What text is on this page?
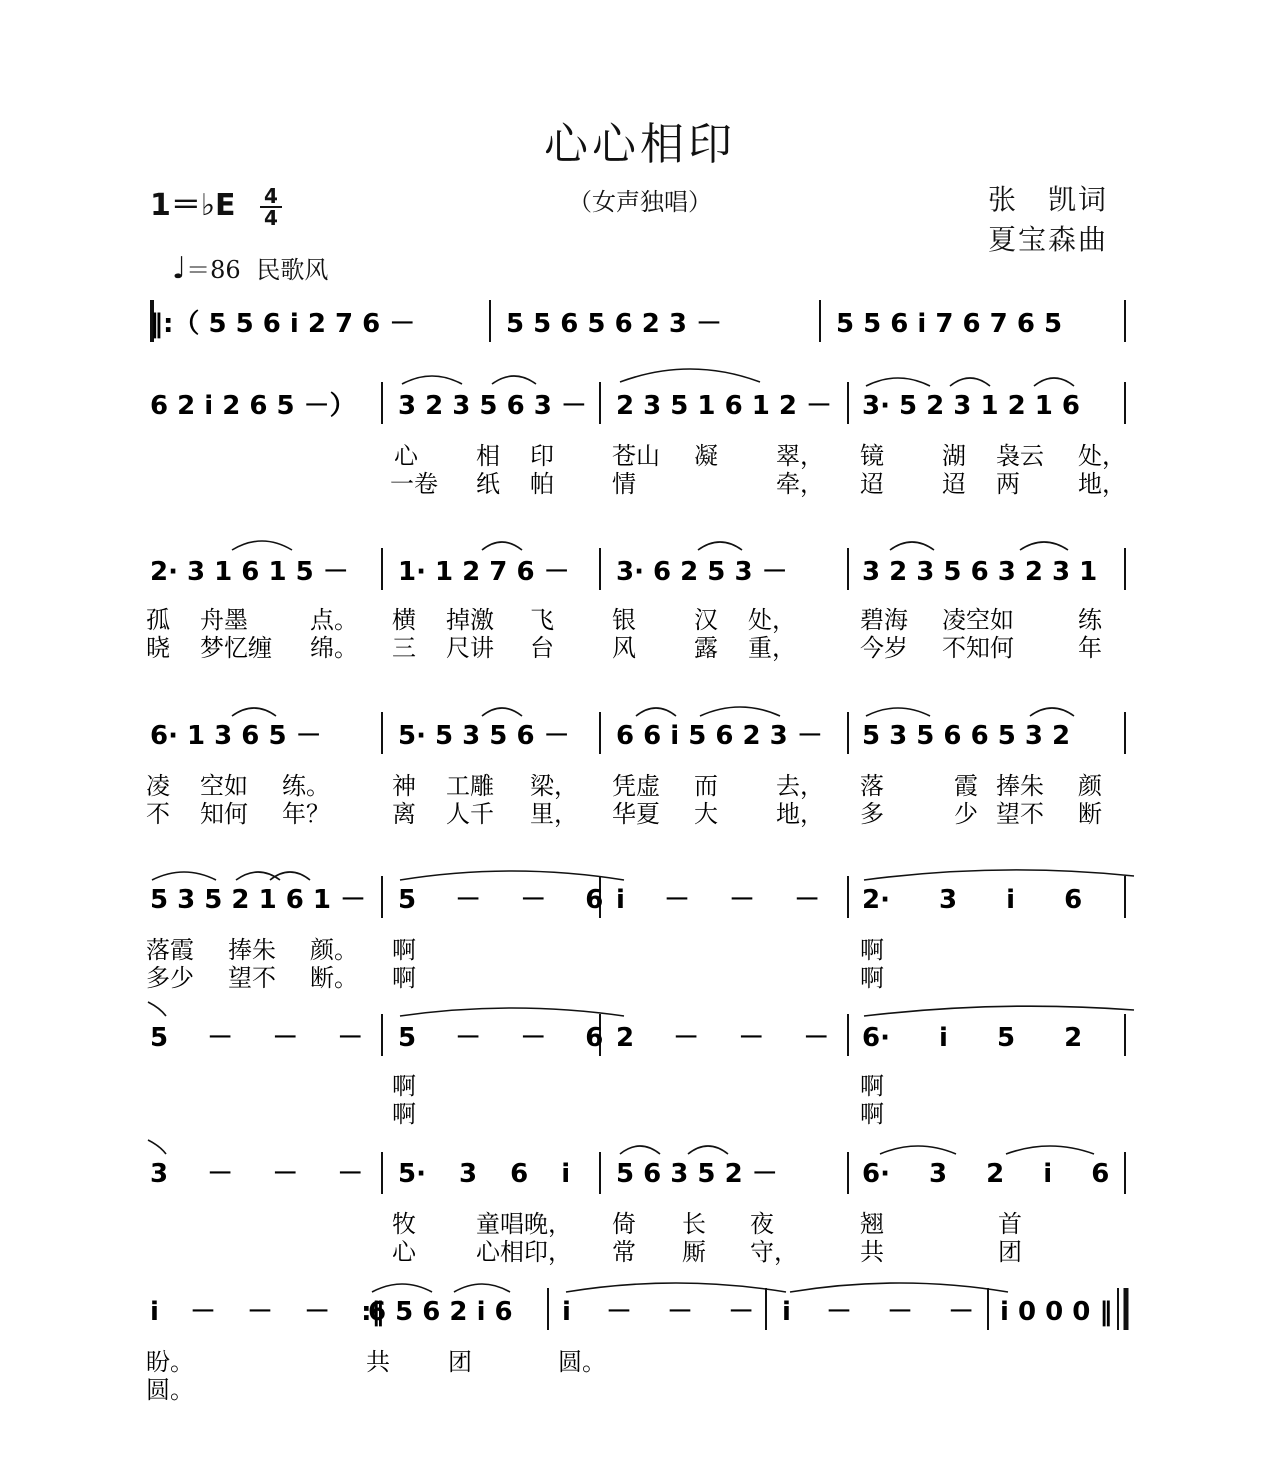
心心相印
1＝♭E $\frac{4}{4}$	（女声独唱）	张　凯词
夏宝森曲
♩＝86 民歌风
‖:（ 5 5 6 i 2 7 6 －	5 5 6 5 6 2 3 －	5 5 6 i 7 6 7 6 5
6 2 i 2 6 5 －） 3 2 3 5 6 3 － 2 3 5 1 6 1 2 － 3· 5 2 3 1 2 1 6
心 相 印 苍山 凝 翠， 镜 湖 袅云 处，
一卷 纸 帕 情	牵， 迢 迢 两 地，
2· 3 1 6 1 5 － 1· 1 2 7 6 － 3· 6 2 5 3 －	3 2 3 5 6 3 2 3 1
孤 舟墨	点。 横 掉激 飞 银 汉 处，	碧海 凌空如	练
晓 梦忆缠 绵。 三 尺讲 台 风 露 重，	今岁 不知何	年
6· 1 3 6 5 －	5· 5 3 5 6 － 6 6 i 5 6 2 3 － 5 3 5 6 6 5 3 2
凌 空如 练。	神 工雕 梁， 凭虚 而 去， 落	霞 捧朱 颜
不 知何 年？	离 人千 里， 华夏 大 地， 多	少 望不 断
5 3 5 2 1 6 1 － 5 － － 6 i － － － 2· 3 i 6
落霞 捧朱 颜。 啊	啊
多少 望不 断。 啊	啊
5 － － － 5 － － 6 2 － － － 6· i 5 2
啊	啊
啊	啊
3 － － － 5· 3 6 i 5 6 3 5 2 －	6· 3 2 i 6
牧	童唱晚， 倚 长 夜	翘	首
心	心相印， 常 厮 守，	共	团
i － － － :‖
6 5 6 2 i 6 i － － － i － － － i 0 0 0 ‖
盼。	共 团	圆。
圆。
